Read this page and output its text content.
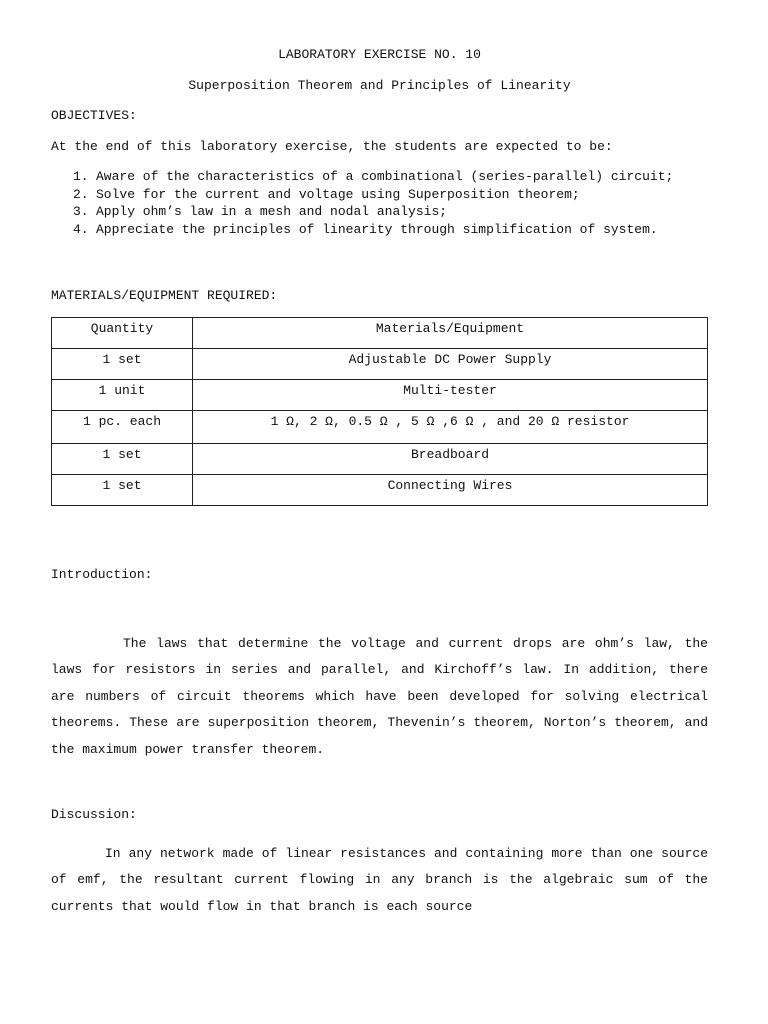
LABORATORY EXERCISE NO. 10
Superposition Theorem and Principles of Linearity
OBJECTIVES:
At the end of this laboratory exercise, the students are expected to be:
1. Aware of the characteristics of a combinational (series-parallel) circuit;
2. Solve for the current and voltage using Superposition theorem;
3. Apply ohm’s law in a mesh and nodal analysis;
4. Appreciate the principles of linearity through simplification of system.
MATERIALS/EQUIPMENT REQUIRED:
Quantity	Materials/Equipment
1 set	Adjustable DC Power Supply
1 unit	Multi-tester
1 pc. each	1 Ω, 2 Ω, 0.5 Ω , 5 Ω ,6 Ω , and 20 Ω resistor
1 set	Breadboard
1 set	Connecting Wires
Introduction:
The laws that determine the voltage and current drops are ohm’s law, the laws for resistors in series and parallel, and Kirchoff’s law. In addition, there are numbers of circuit theorems which have been developed for solving electrical theorems. These are superposition theorem, Thevenin’s theorem, Norton’s theorem, and the maximum power transfer theorem.
Discussion:
In any network made of linear resistances and containing more than one source of emf, the resultant current flowing in any branch is the algebraic sum of the currents that would flow in that branch is each source
